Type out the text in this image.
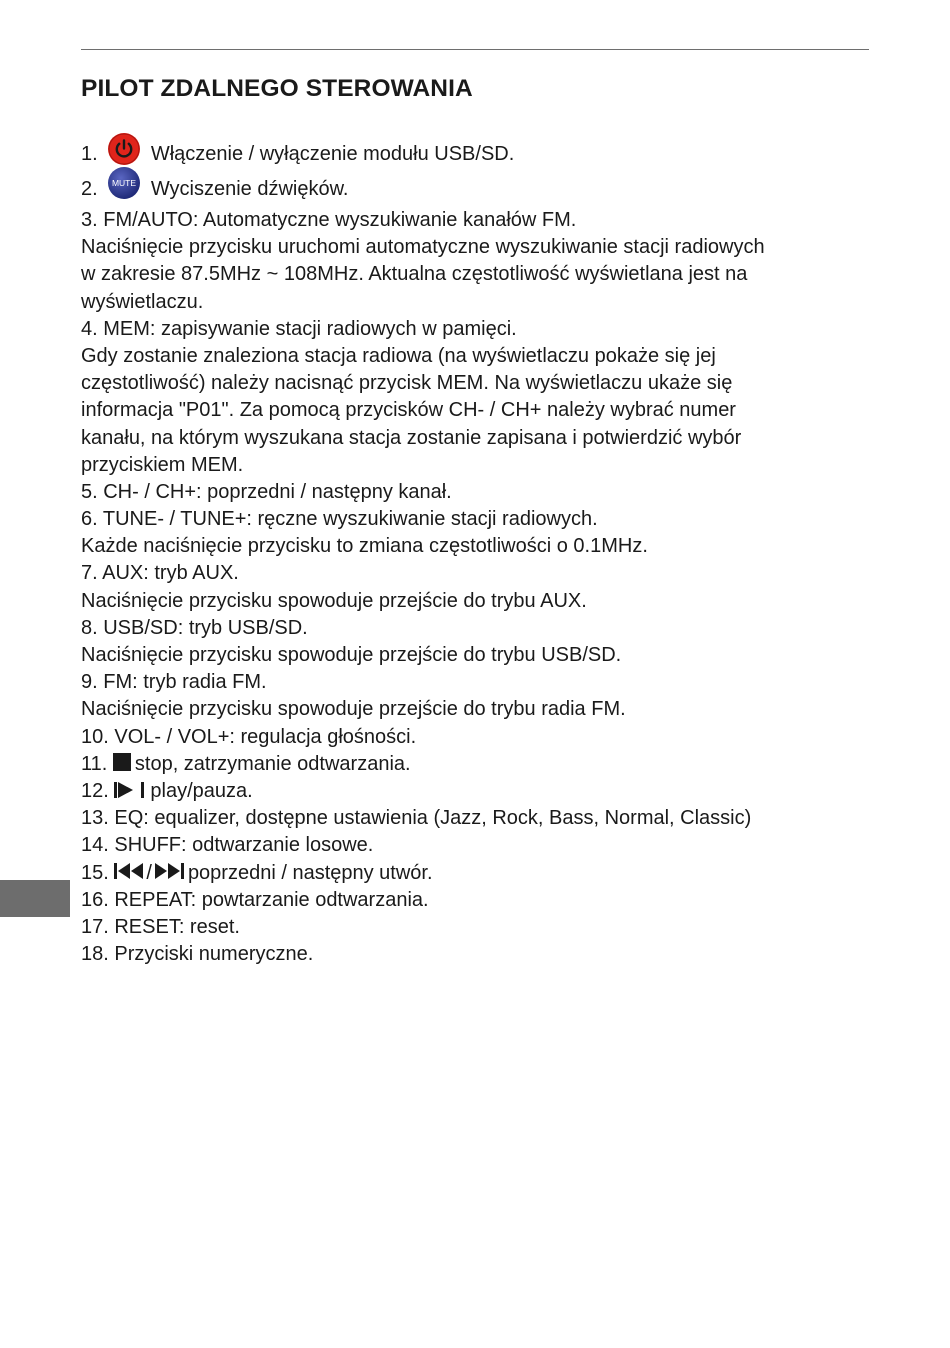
PILOT ZDALNEGO STEROWANIA
1.	Włączenie / wyłączenie modułu USB/SD.
2. MUTE Wyciszenie dźwięków.
3. FM/AUTO: Automatyczne wyszukiwanie kanałów FM.
Naciśnięcie przycisku uruchomi automatyczne wyszukiwanie stacji radiowych
w zakresie 87.5MHz ~ 108MHz. Aktualna częstotliwość wyświetlana jest na
wyświetlaczu.
4. MEM: zapisywanie stacji radiowych w pamięci.
Gdy zostanie znaleziona stacja radiowa (na wyświetlaczu pokaże się jej
częstotliwość) należy nacisnąć przycisk MEM. Na wyświetlaczu ukaże się
informacja "P01". Za pomocą przycisków CH- / CH+ należy wybrać numer
kanału, na którym wyszukana stacja zostanie zapisana i potwierdzić wybór
przyciskiem MEM.
5. CH- / CH+: poprzedni / następny kanał.
6. TUNE- / TUNE+: ręczne wyszukiwanie stacji radiowych.
Każde naciśnięcie przycisku to zmiana częstotliwości o 0.1MHz.
7. AUX: tryb AUX.
Naciśnięcie przycisku spowoduje przejście do trybu AUX.
8. USB/SD: tryb USB/SD.
Naciśnięcie przycisku spowoduje przejście do trybu USB/SD.
9. FM: tryb radia FM.
Naciśnięcie przycisku spowoduje przejście do trybu radia FM.
10. VOL- / VOL+: regulacja głośności.
11. stop, zatrzymanie odtwarzania.
12. play/pauza.
13. EQ: equalizer, dostępne ustawienia (Jazz, Rock, Bass, Normal, Classic)
14. SHUFF: odtwarzanie losowe.
15. / poprzedni / następny utwór.
16. REPEAT: powtarzanie odtwarzania.
17. RESET: reset.
18. Przyciski numeryczne.
